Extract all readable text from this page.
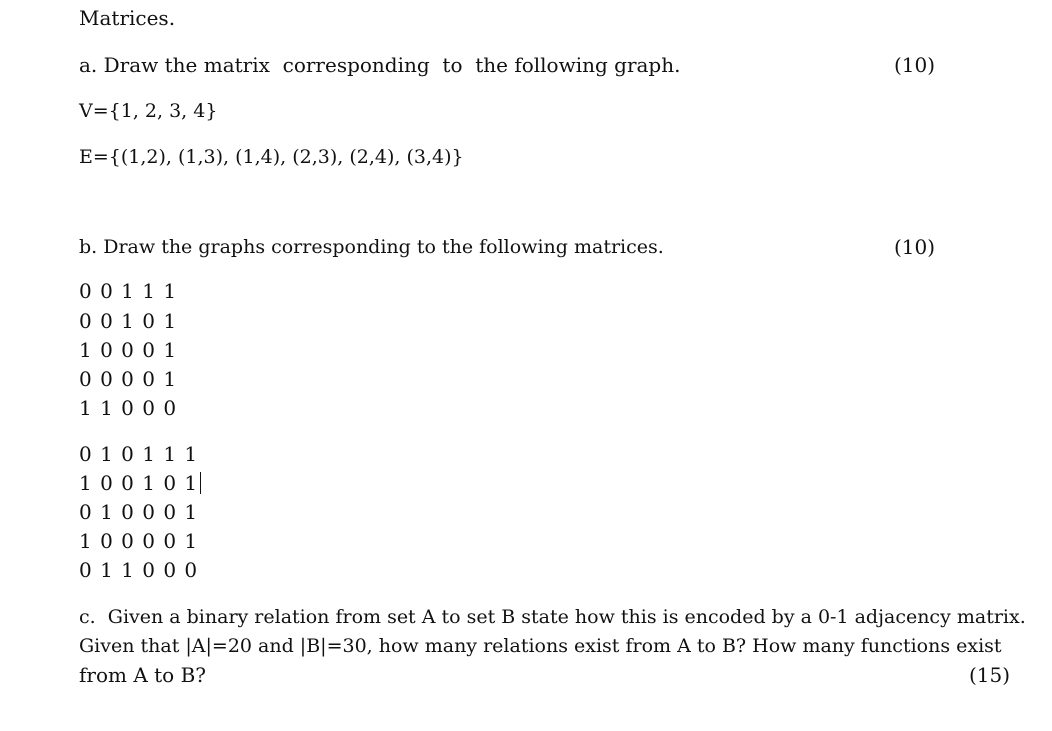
Matrices.
a. Draw the matrix  corresponding  to  the following graph.	(10)
V={1, 2, 3, 4}
E={(1,2), (1,3), (1,4), (2,3), (2,4), (3,4)}
b. Draw the graphs corresponding to the following matrices.	(10)
0 0 1 1 1
0 0 1 0 1
1 0 0 0 1
0 0 0 0 1
1 1 0 0 0
0 1 0 1 1 1
1 0 0 1 0 1
0 1 0 0 0 1
1 0 0 0 0 1
0 1 1 0 0 0
c.  Given a binary relation from set A to set B state how this is encoded by a 0-1 adjacency matrix.
Given that |A|=20 and |B|=30, how many relations exist from A to B? How many functions exist
from A to B?	(15)
